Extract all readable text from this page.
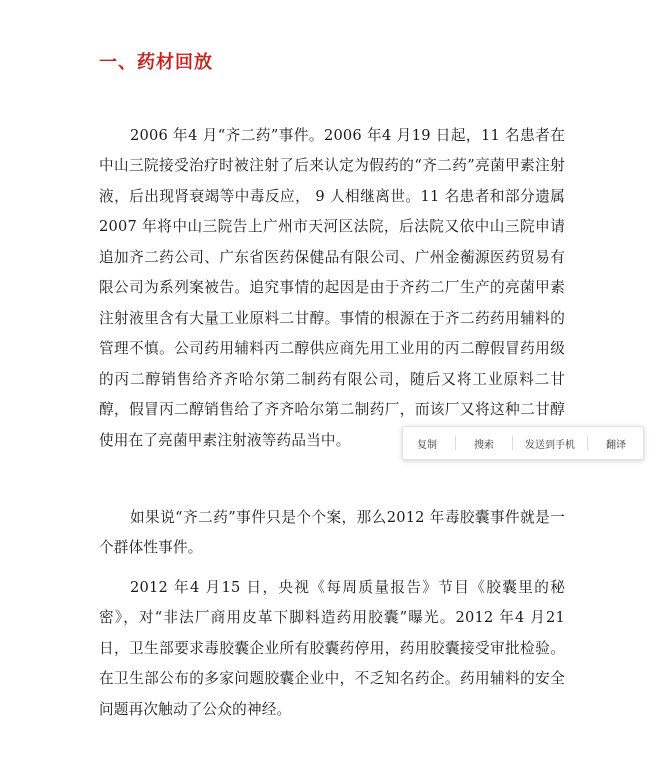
一、药材回放

2006 年4 月“齐二药”事件。2006 年4 月19 日起，11 名患者在中山三院接受治疗时被注射了后来认定为假药的“齐二药”亮菌甲素注射液，后出现肾衰竭等中毒反应， 9 人相继离世。11 名患者和部分遗属2007 年将中山三院告上广州市天河区法院，后法院又依中山三院申请追加齐二药公司、广东省医药保健品有限公司、广州金蘅源医药贸易有限公司为系列案被告。追究事情的起因是由于齐药二厂生产的亮菌甲素注射液里含有大量工业原料二甘醇。事情的根源在于齐二药药用辅料的管理不慎。公司药用辅料丙二醇供应商先用工业用的丙二醇假冒药用级的丙二醇销售给齐齐哈尔第二制药有限公司，随后又将工业原料二甘醇，假冒丙二醇销售给了齐齐哈尔第二制药厂，而该厂又将这种二甘醇使用在了亮菌甲素注射液等药品当中。

如果说“齐二药”事件只是个个案，那么2012 年毒胶囊事件就是一个群体性事件。

2012 年4 月15 日，央视《每周质量报告》节目《胶囊里的秘密》，对“非法厂商用皮革下脚料造药用胶囊”曝光。2012 年4 月21 日，卫生部要求毒胶囊企业所有胶囊药停用，药用胶囊接受审批检验。在卫生部公布的多家问题胶囊企业中，不乏知名药企。药用辅料的安全问题再次触动了公众的神经。

复制	搜索	发送到手机	翻译
